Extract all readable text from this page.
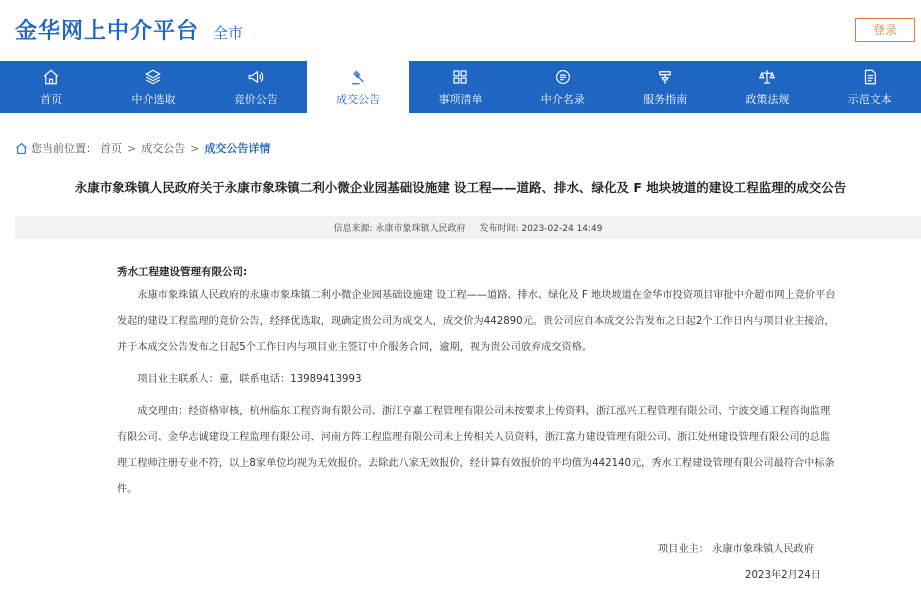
金华网上中介平台 全市	登录
首页	中介选取	竞价公告	成交公告	事项清单	中介名录	服务指南	政策法规	示范文本
您当前位置： 首页 > 成交公告 > 成交公告详情
永康市象珠镇人民政府关于永康市象珠镇二利小微企业园基础设施建 设工程——道路、排水、绿化及 F 地块坡道的建设工程监理的成交公告
信息来源: 永康市象珠镇人民政府 发布时间: 2023-02-24 14:49
秀水工程建设管理有限公司:
永康市象珠镇人民政府的永康市象珠镇二利小微企业园基础设施建 设工程——道路、排水、绿化及 F 地块坡道在金华市投资项目审批中介超市网上竞价平台发起的建设工程监理的竞价公告，经择优选取，现确定贵公司为成交人，成交价为442890元。贵公司应自本成交公告发布之日起2个工作日内与项目业主接洽，并于本成交公告发布之日起5个工作日内与项目业主签订中介服务合同，逾期，视为贵公司放弃成交资格。
项目业主联系人：童，联系电话：13989413993
成交理由：经资格审核，杭州临东工程咨询有限公司、浙江亨嘉工程管理有限公司未按要求上传资料，浙江泓兴工程管理有限公司、宁波交通工程咨询监理有限公司、金华志诚建设工程监理有限公司、河南方阵工程监理有限公司未上传相关人员资料，浙江富力建设管理有限公司、浙江处州建设管理有限公司的总监理工程师注册专业不符，以上8家单位均视为无效报价。去除此八家无效报价，经计算有效报价的平均值为442140元，秀水工程建设管理有限公司最符合中标条件。
项目业主： 永康市象珠镇人民政府
2023年2月24日
